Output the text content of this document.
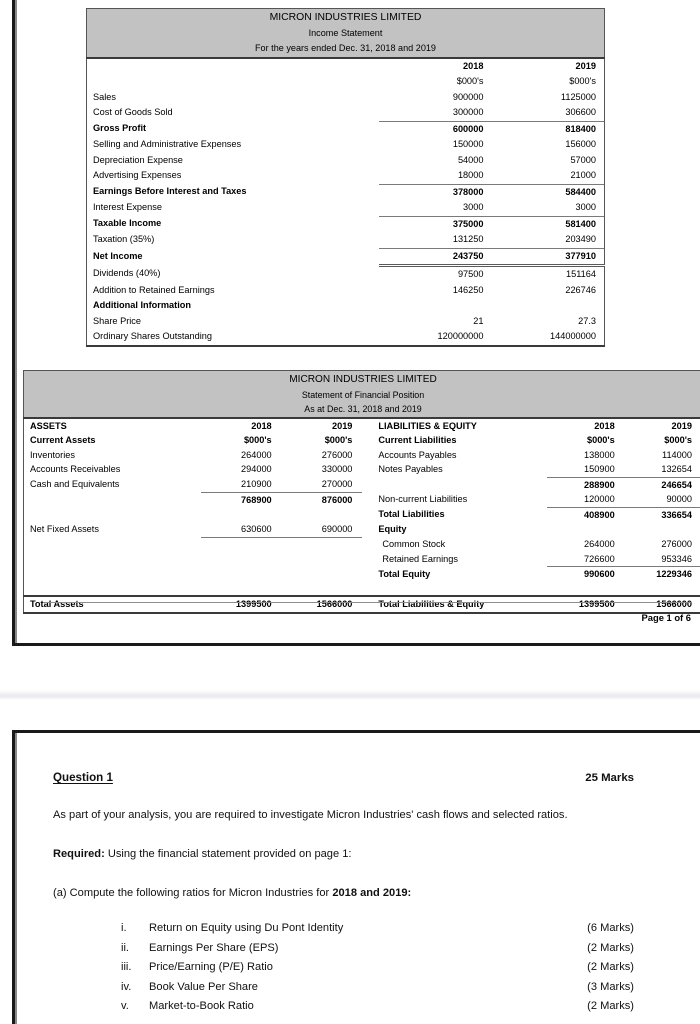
MICRON INDUSTRIES LIMITED		
Income Statement		
For the years ended Dec. 31, 2018 and 2019		
	2018	2019
	$000's	$000's
Sales	900000	1125000
Cost of Goods Sold	300000	306600
Gross Profit	600000	818400
Selling and Administrative Expenses	150000	156000
Depreciation Expense	54000	57000
Advertising Expenses	18000	21000
Earnings Before Interest and Taxes	378000	584400
Interest Expense	3000	3000
Taxable Income	375000	581400
Taxation (35%)	131250	203490
Net Income	243750	377910
Dividends (40%)	97500	151164
Addition to Retained Earnings	146250	226746
Additional Information		
Share Price	21	27.3
Ordinary Shares Outstanding	120000000	144000000
MICRON INDUSTRIES LIMITED						
Statement of Financial Position						
As at Dec. 31, 2018 and 2019						
ASSETS	2018	2019		LIABILITIES & EQUITY	2018	2019
Current Assets	$000's	$000's		Current Liabilities	$000's	$000's
Inventories	264000	276000		Accounts Payables	138000	114000
Accounts Receivables	294000	330000		Notes Payables	150900	132654
Cash and Equivalents	210900	270000			288900	246654
	768900	876000		Non-current Liabilities	120000	90000
				Total Liabilities	408900	336654
Net Fixed Assets	630600	690000		Equity		
				Common Stock	264000	276000
				Retained Earnings	726600	953346
				Total Equity	990600	1229346

Total Assets	1399500	1566000		Total Liabilities & Equity	1399500	1566000
Page 1 of 6
Question 1	25 Marks
As part of your analysis, you are required to investigate Micron Industries' cash flows and selected ratios.
Required: Using the financial statement provided on page 1:
(a) Compute the following ratios for Micron Industries for 2018 and 2019:
i.	Return on Equity using Du Pont Identity	(6 Marks)
ii.	Earnings Per Share (EPS)	(2 Marks)
iii.	Price/Earning (P/E) Ratio	(2 Marks)
iv.	Book Value Per Share	(3 Marks)
v.	Market-to-Book Ratio	(2 Marks)
